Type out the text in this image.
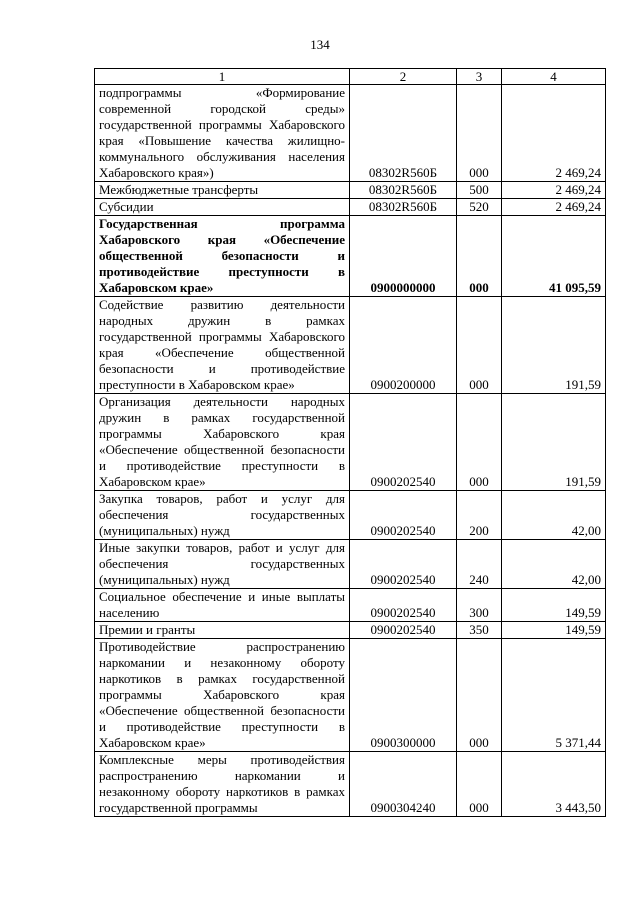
134
1	2	3	4
подпрограммы «Формирование современной городской среды» государственной программы Хабаровского края «Повышение качества жилищно-коммунального обслуживания населения Хабаровского края»)	08302R560Б	000	2 469,24
Межбюджетные трансферты	08302R560Б	500	2 469,24
Субсидии	08302R560Б	520	2 469,24
Государственная программа Хабаровского края «Обеспечение общественной безопасности и противодействие преступности в Хабаровском крае»	0900000000	000	41 095,59
Содействие развитию деятельности народных дружин в рамках государственной программы Хабаровского края «Обеспечение общественной безопасности и противодействие преступности в Хабаровском крае»	0900200000	000	191,59
Организация деятельности народных дружин в рамках государственной программы Хабаровского края «Обеспечение общественной безопасности и противодействие преступности в Хабаровском крае»	0900202540	000	191,59
Закупка товаров, работ и услуг для обеспечения государственных (муниципальных) нужд	0900202540	200	42,00
Иные закупки товаров, работ и услуг для обеспечения государственных (муниципальных) нужд	0900202540	240	42,00
Социальное обеспечение и иные выплаты населению	0900202540	300	149,59
Премии и гранты	0900202540	350	149,59
Противодействие распространению наркомании и незаконному обороту наркотиков в рамках государственной программы Хабаровского края «Обеспечение общественной безопасности и противодействие преступности в Хабаровском крае»	0900300000	000	5 371,44
Комплексные меры противодействия распространению наркомании и незаконному обороту наркотиков в рамках государственной программы	0900304240	000	3 443,50
